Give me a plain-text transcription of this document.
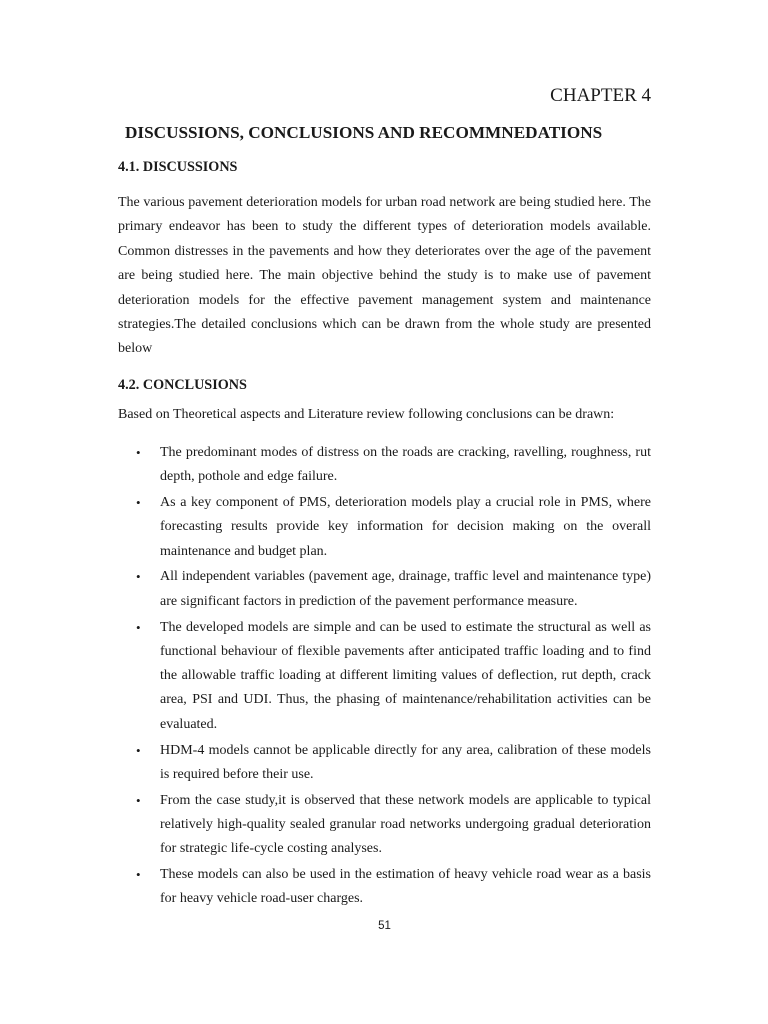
CHAPTER 4
DISCUSSIONS, CONCLUSIONS AND RECOMMNEDATIONS
4.1. DISCUSSIONS

The various pavement deterioration models for urban road network are being studied here. The primary endeavor has been to study the different types of deterioration models available. Common distresses in the pavements and how they deteriorates over the age of the pavement are being studied here. The main objective behind the study is to make use of pavement deterioration models for the effective pavement management system and maintenance strategies.The detailed conclusions which can be drawn from the whole study are presented below

4.2. CONCLUSIONS
Based on Theoretical aspects and Literature review following conclusions can be drawn:
• The predominant modes of distress on the roads are cracking, ravelling, roughness, rut depth, pothole and edge failure.
• As a key component of PMS, deterioration models play a crucial role in PMS, where forecasting results provide key information for decision making on the overall maintenance and budget plan.
• All independent variables (pavement age, drainage, traffic level and maintenance type) are significant factors in prediction of the pavement performance measure.
• The developed models are simple and can be used to estimate the structural as well as functional behaviour of flexible pavements after anticipated traffic loading and to find the allowable traffic loading at different limiting values of deflection, rut depth, crack area, PSI and UDI. Thus, the phasing of maintenance/rehabilitation activities can be evaluated.
• HDM-4 models cannot be applicable directly for any area, calibration of these models is required before their use.
• From the case study,it is observed that these network models are applicable to typical relatively high-quality sealed granular road networks undergoing gradual deterioration for strategic life-cycle costing analyses.
• These models can also be used in the estimation of heavy vehicle road wear as a basis for heavy vehicle road-user charges.
51
